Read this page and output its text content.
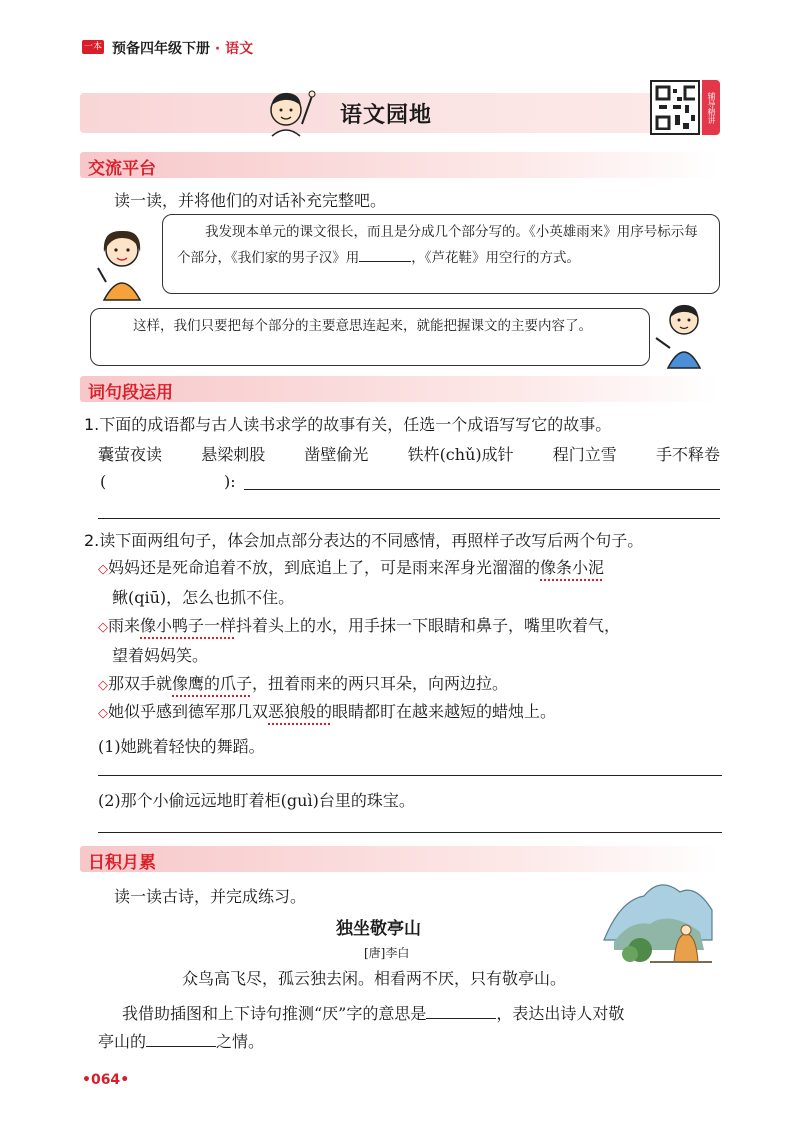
一本 预备四年级下册 · 语文
语文园地	辅导精讲
交流平台
读一读，并将他们的对话补充完整吧。
我发现本单元的课文很长，而且是分成几个部分写的。《小英雄雨来》用序号标示每个部分，《我们家的男子汉》用	，《芦花鞋》用空行的方式。
这样，我们只要把每个部分的主要意思连起来，就能把握课文的主要内容了。
词句段运用
1.下面的成语都与古人读书求学的故事有关，任选一个成语写写它的故事。
囊萤夜读 悬梁刺股 凿壁偷光 铁杵(chǔ)成针 程门立雪 手不释卷
(	):
2.读下面两组句子，体会加点部分表达的不同感情，再照样子改写后两个句子。
◇妈妈还是死命追着不放，到底追上了，可是雨来浑身光溜溜的像条小泥
鳅(qiū)，怎么也抓不住。
◇雨来像小鸭子一样抖着头上的水，用手抹一下眼睛和鼻子，嘴里吹着气，
望着妈妈笑。
◇那双手就像鹰的爪子，扭着雨来的两只耳朵，向两边拉。
◇她似乎感到德军那几双恶狼般的眼睛都盯在越来越短的蜡烛上。
(1)她跳着轻快的舞蹈。
(2)那个小偷远远地盯着柜(guì)台里的珠宝。
日积月累
读一读古诗，并完成练习。
独坐敬亭山
[唐]李白
众鸟高飞尽，孤云独去闲。相看两不厌，只有敬亭山。
我借助插图和上下诗句推测“厌”字的意思是	，表达出诗人对敬
亭山的	之情。
•064•
